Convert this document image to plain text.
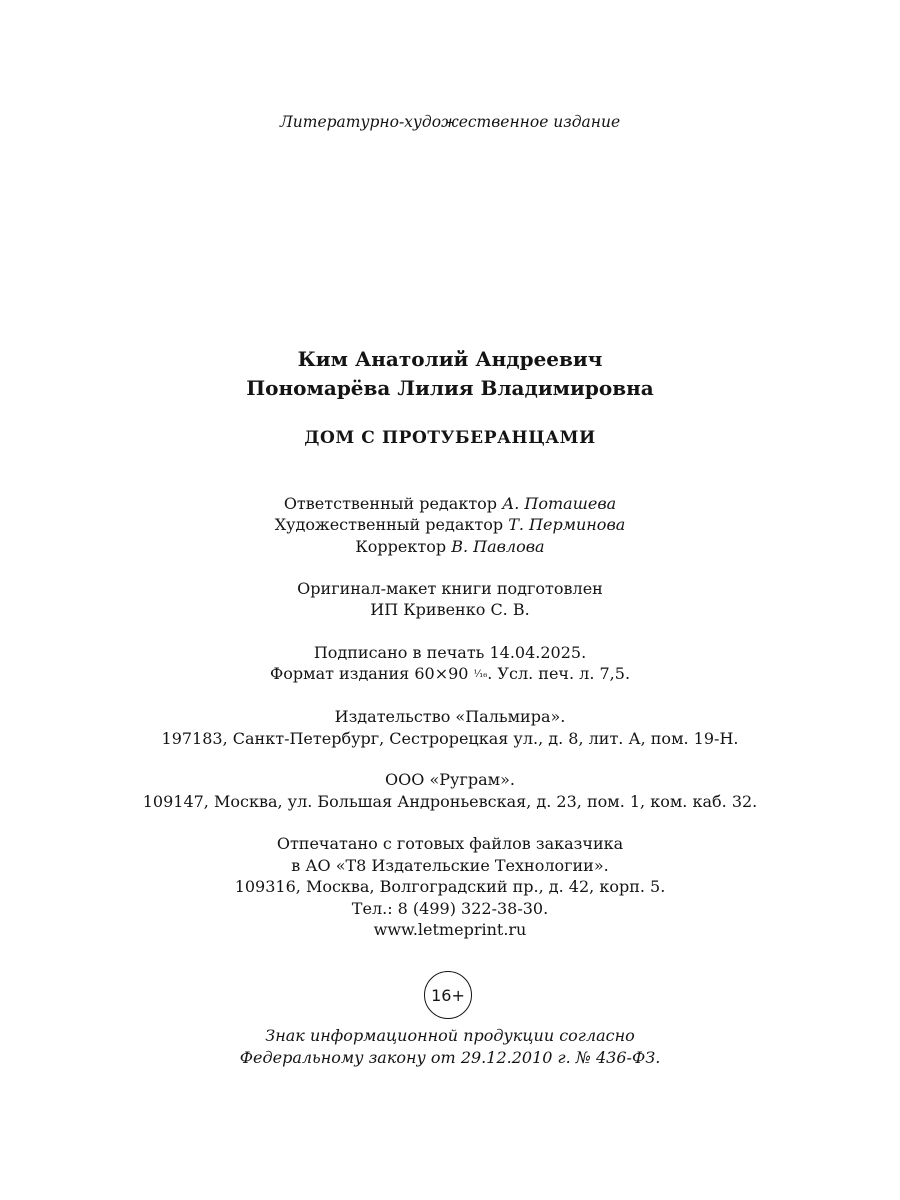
Литературно-художественное издание
Ким Анатолий Андреевич
Пономарёва Лилия Владимировна
ДОМ С ПРОТУБЕРАНЦАМИ
Ответственный редактор А. Поташева
Художественный редактор Т. Перминова
Корректор В. Павлова
Оригинал-макет книги подготовлен
ИП Кривенко С. В.
Подписано в печать 14.04.2025.
Формат издания 60×90 ¹⁄₁₆. Усл. печ. л. 7,5.
Издательство «Пальмира».
197183, Санкт-Петербург, Сестрорецкая ул., д. 8, лит. А, пом. 19-Н.
ООО «Руграм».
109147, Москва, ул. Большая Андроньевская, д. 23, пом. 1, ком. каб. 32.
Отпечатано с готовых файлов заказчика
в АО «Т8 Издательские Технологии».
109316, Москва, Волгоградский пр., д. 42, корп. 5.
Тел.: 8 (499) 322-38-30.
www.letmeprint.ru
16+
Знак информационной продукции согласно
Федеральному закону от 29.12.2010 г. № 436-ФЗ.
